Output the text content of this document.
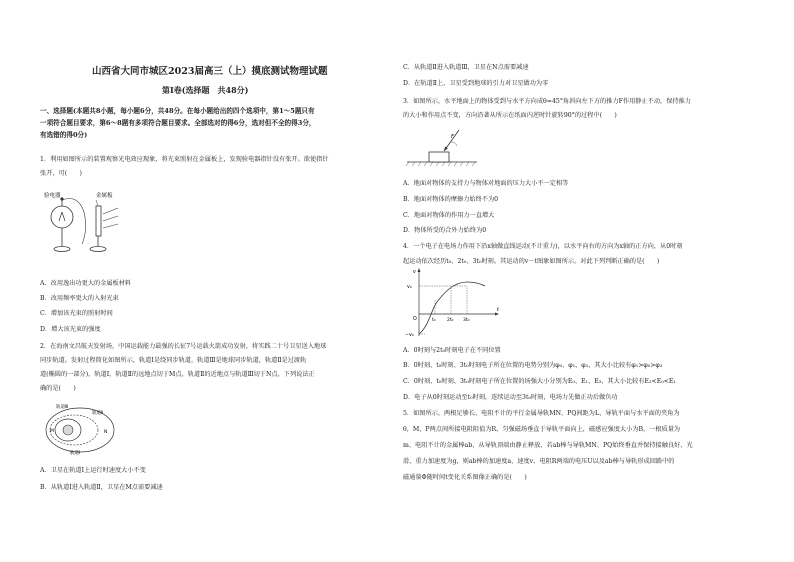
山西省大同市城区2023届高三（上）摸底测试物理试题
第Ⅰ卷(选择题　共48分)
一、选择题(本题共8小题，每小题6分，共48分。在每小题给出的四个选项中，第1～5题只有
一项符合题目要求，第6～8题有多项符合题目要求。全部选对的得6分，选对但不全的得3分，
有选错的得0分)
1．利用如图所示的装置观察光电效应现象，将光束照射在金属板上，发现验电器指针没有张开。欲使指针
张开，可(　　)
验电器	金属板
A．改用逸出功更大的金属板材料
B．改用频率更大的入射光束
C．增加该光束的照射时间
D．增大该光束的强度
2．在海南文昌航天发射场，中国运载能力最强的长征7号运载火箭成功发射，将实践二十号卫星送入地球
同步轨道。发射过程简化如图所示，轨道Ⅰ是绕同步轨道，轨道Ⅲ是地球同步轨道，轨道Ⅱ是过渡轨
道(椭圆的一部分)，轨道Ⅰ、轨道Ⅱ的远地点切于M点，轨道Ⅱ的近地点与轨道Ⅲ切于N点，下列说法正
确的是(　　)
轨道Ⅲ
轨道Ⅱ
轨道Ⅰ
M	N
A．卫星在轨道Ⅰ上运行时速度大小不变
B．从轨道Ⅰ进入轨道Ⅱ，卫星在M点需要减速
C．从轨道Ⅱ进入轨道Ⅲ，卫星在N点需要减速
D．在轨道Ⅱ上，卫星受到地球的引力对卫星做功为零
3．如图所示，水平地面上的物体受到与水平方向成θ=45°角斜向左下方的推力F作用静止不动，保持推力
的大小和作用点不变，方向沿著从所示在纸面内逆时针旋转90°的过程中(　　)
F
A．地面对物体的支持力与物体对地面的压力大小不一定相等
B．地面对物体的摩擦力始终不为0
C．地面对物体的作用力一直增大
D．物体所受的合外力始终为0
4．一个电子在电场力作用下沿x轴做直线运动(不计重力)，以水平向右的方向为x轴的正方向，从0时刻
起运动依次经历t₀、2t₀、3t₀时刻。其运动的v－t图象如图所示。对此下列判断正确的是(　　)
v
t
v₀
O
−v₀
t₀	2t₀ 3t₀
A．0时刻与2t₀时刻电子在不同位置
B．0时刻、t₀时刻、3t₀时刻电子所在位置的电势分别为φ₀、φ₁、φ₃，其大小比较有φ₁>φ₀>φ₃
C．0时刻、t₀时刻、3t₀时刻电子所在位置的场强大小分别为E₀、E₁、E₃，其大小比较有E₃<E₀<E₁
D．电子从0时刻运动至t₀时刻，连续运动至3t₀时刻，电场力先做正功后做负功
5．如图所示，两根足够长、电阻不计的平行金属导轨MN、PQ间距为L，导轨平面与水平面的夹角为
θ，M、P两点间所接电阻阻值为R，匀强磁场垂直于导轨平面向上，磁感应强度大小为B，一根质量为
m、电阻不计的金属棒ab，从导轨顶端由静止释放，若ab棒与导轨MN、PQ始终垂直并保持接触良好、光
滑，重力加速度为g，则ab棒的加速度a、速度v、电阻R两端的电压U以及ab棒与导轨形成回路中的
磁通量Φ随时间t变化关系图像正确的是(　　)
